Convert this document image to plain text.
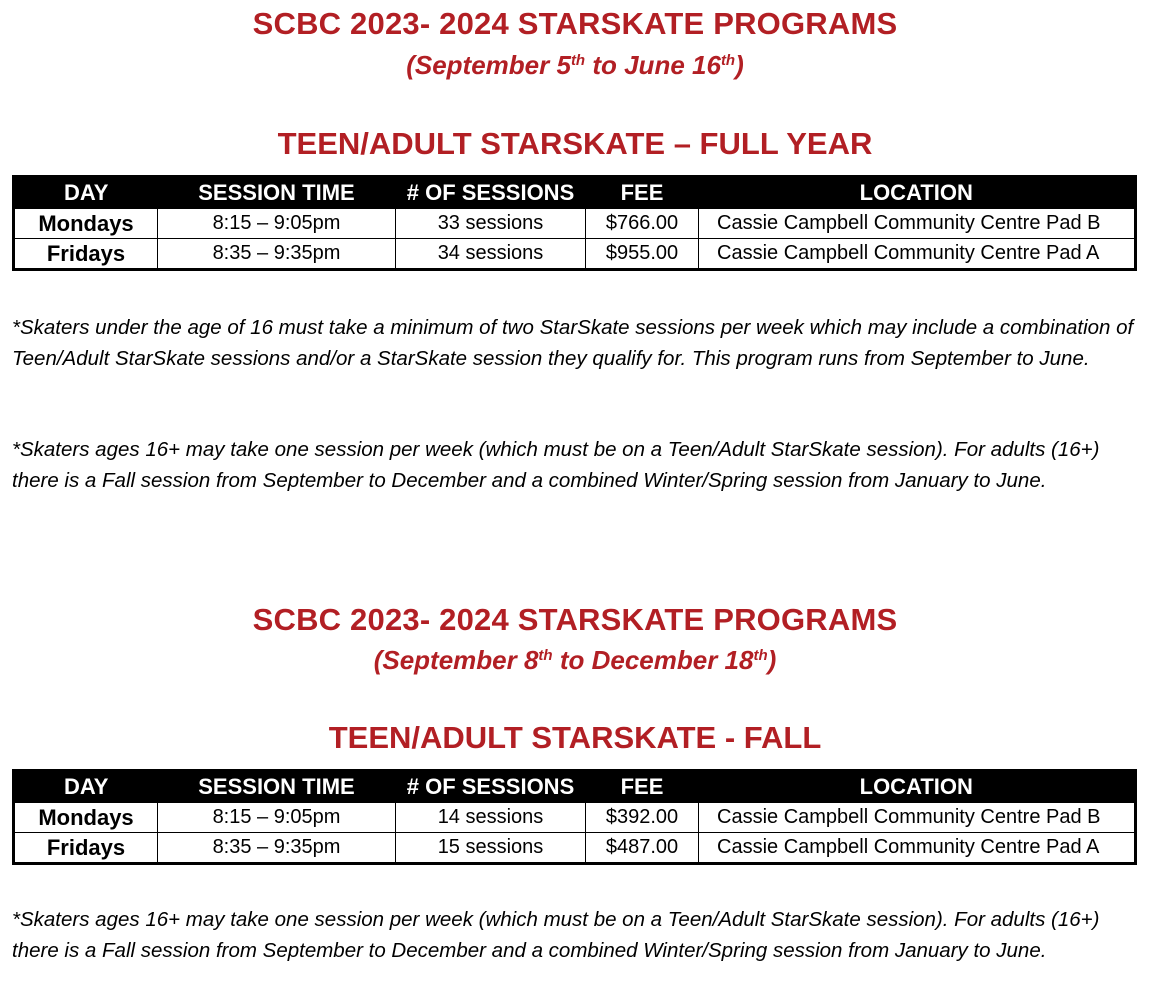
SCBC 2023- 2024 STARSKATE PROGRAMS
(September 5th to June 16th)
TEEN/ADULT STARSKATE – FULL YEAR
DAY	SESSION TIME	# OF SESSIONS	FEE	LOCATION
Mondays	8:15 – 9:05pm	33 sessions	$766.00	Cassie Campbell Community Centre Pad B
Fridays	8:35 – 9:35pm	34 sessions	$955.00	Cassie Campbell Community Centre Pad A
*Skaters under the age of 16 must take a minimum of two StarSkate sessions per week which may include a combination of Teen/Adult StarSkate sessions and/or a StarSkate session they qualify for. This program runs from September to June.
*Skaters ages 16+ may take one session per week (which must be on a Teen/Adult StarSkate session). For adults (16+) there is a Fall session from September to December and a combined Winter/Spring session from January to June.
SCBC 2023- 2024 STARSKATE PROGRAMS
(September 8th to December 18th)
TEEN/ADULT STARSKATE - FALL
DAY	SESSION TIME	# OF SESSIONS	FEE	LOCATION
Mondays	8:15 – 9:05pm	14 sessions	$392.00	Cassie Campbell Community Centre Pad B
Fridays	8:35 – 9:35pm	15 sessions	$487.00	Cassie Campbell Community Centre Pad A
*Skaters ages 16+ may take one session per week (which must be on a Teen/Adult StarSkate session). For adults (16+) there is a Fall session from September to December and a combined Winter/Spring session from January to June.
